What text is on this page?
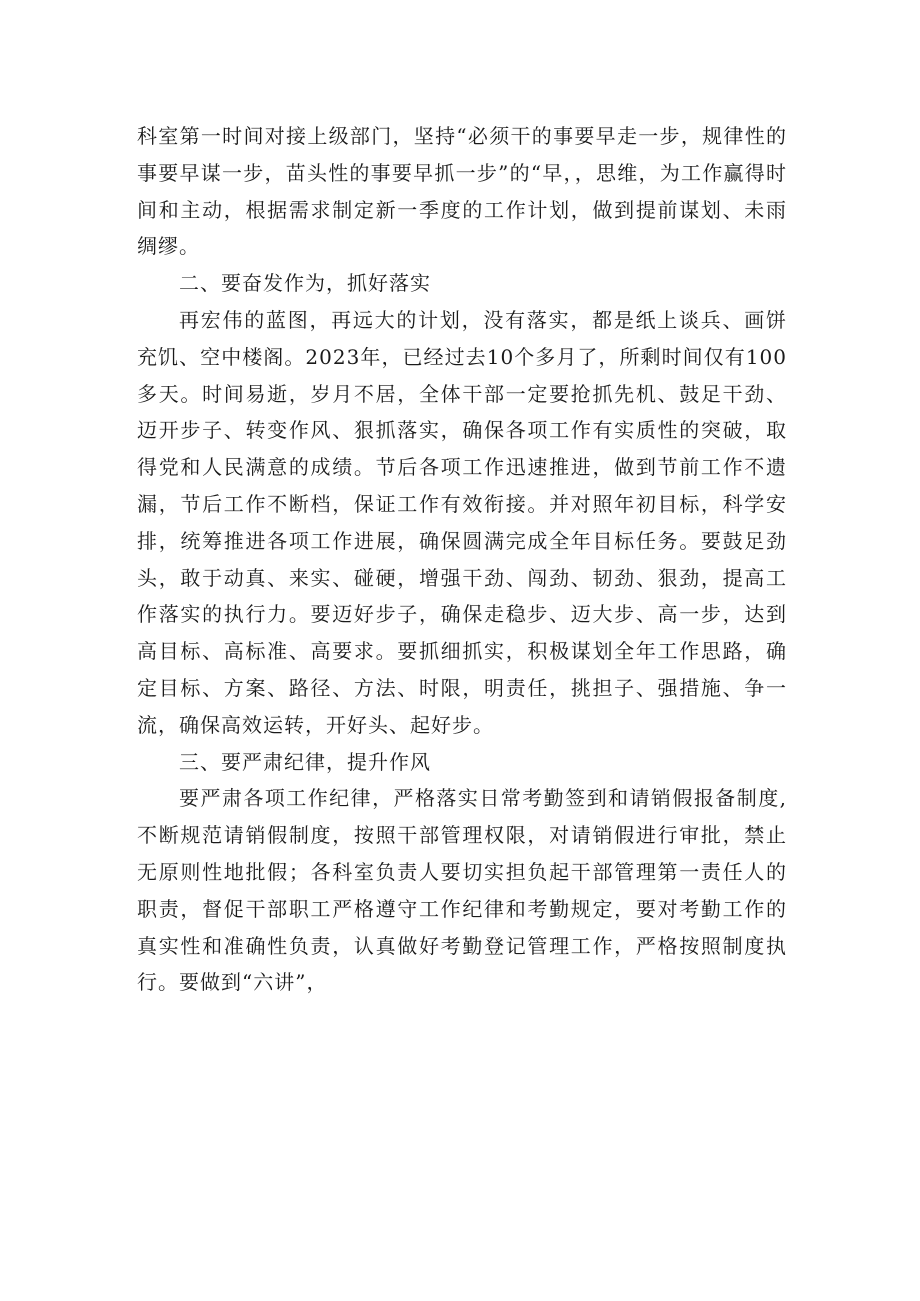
科室第一时间对接上级部门，坚持“必须干的事要早走一步，规律性的事要早谋一步，苗头性的事要早抓一步”的“早，，思维，为工作赢得时间和主动，根据需求制定新一季度的工作计划，做到提前谋划、未雨绸缪。

二、要奋发作为，抓好落实

再宏伟的蓝图，再远大的计划，没有落实，都是纸上谈兵、画饼充饥、空中楼阁。2023年，已经过去10个多月了，所剩时间仅有100多天。时间易逝，岁月不居，全体干部一定要抢抓先机、鼓足干劲、迈开步子、转变作风、狠抓落实，确保各项工作有实质性的突破，取得党和人民满意的成绩。节后各项工作迅速推进，做到节前工作不遗漏，节后工作不断档，保证工作有效衔接。并对照年初目标，科学安排，统筹推进各项工作进展，确保圆满完成全年目标任务。要鼓足劲头，敢于动真、来实、碰硬，增强干劲、闯劲、韧劲、狠劲，提高工作落实的执行力。要迈好步子，确保走稳步、迈大步、高一步，达到高目标、高标准、高要求。要抓细抓实，积极谋划全年工作思路，确定目标、方案、路径、方法、时限，明责任，挑担子、强措施、争一流，确保高效运转，开好头、起好步。

三、要严肃纪律，提升作风

要严肃各项工作纪律，严格落实日常考勤签到和请销假报备制度,不断规范请销假制度，按照干部管理权限，对请销假进行审批，禁止无原则性地批假；各科室负责人要切实担负起干部管理第一责任人的职责，督促干部职工严格遵守工作纪律和考勤规定，要对考勤工作的真实性和准确性负责，认真做好考勤登记管理工作，严格按照制度执行。要做到“六讲”，
